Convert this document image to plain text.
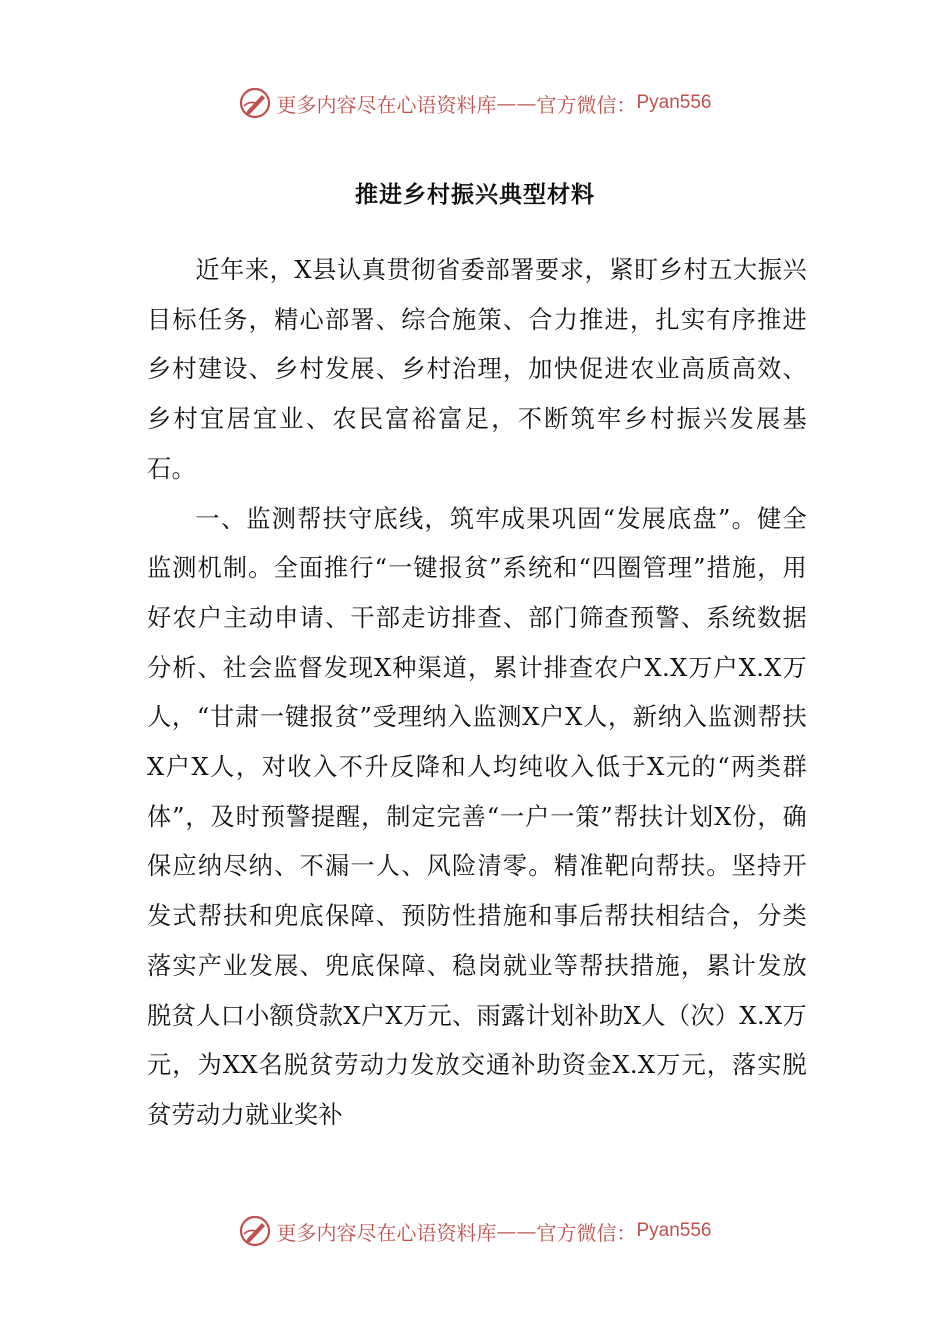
更多内容尽在心语资料库 —— 官方微信： Pyan556
推进乡村振兴典型材料

近年来，X县认真贯彻省委部署要求，紧盯乡村五大振兴目标任务，精心部署、综合施策、合力推进，扎实有序推进乡村建设、乡村发展、乡村治理，加快促进农业高质高效、乡村宜居宜业、农民富裕富足，不断筑牢乡村振兴发展基石。

一、监测帮扶守底线，筑牢成果巩固“发展底盘”。健全监测机制。全面推行“一键报贫”系统和“四圈管理”措施，用好农户主动申请、干部走访排查、部门筛查预警、系统数据分析、社会监督发现X种渠道，累计排查农户X.X万户X.X万人，“甘肃一键报贫”受理纳入监测X户X人，新纳入监测帮扶X户X人，对收入不升反降和人均纯收入低于X元的“两类群体”，及时预警提醒，制定完善“一户一策”帮扶计划X份，确保应纳尽纳、不漏一人、风险清零。精准靶向帮扶。坚持开发式帮扶和兜底保障、预防性措施和事后帮扶相结合，分类落实产业发展、兜底保障、稳岗就业等帮扶措施，累计发放脱贫人口小额贷款X户X万元、雨露计划补助X人（次）X.X万元，为XX名脱贫劳动力发放交通补助资金X.X万元，落实脱贫劳动力就业奖补

更多内容尽在心语资料库 —— 官方微信： Pyan556
